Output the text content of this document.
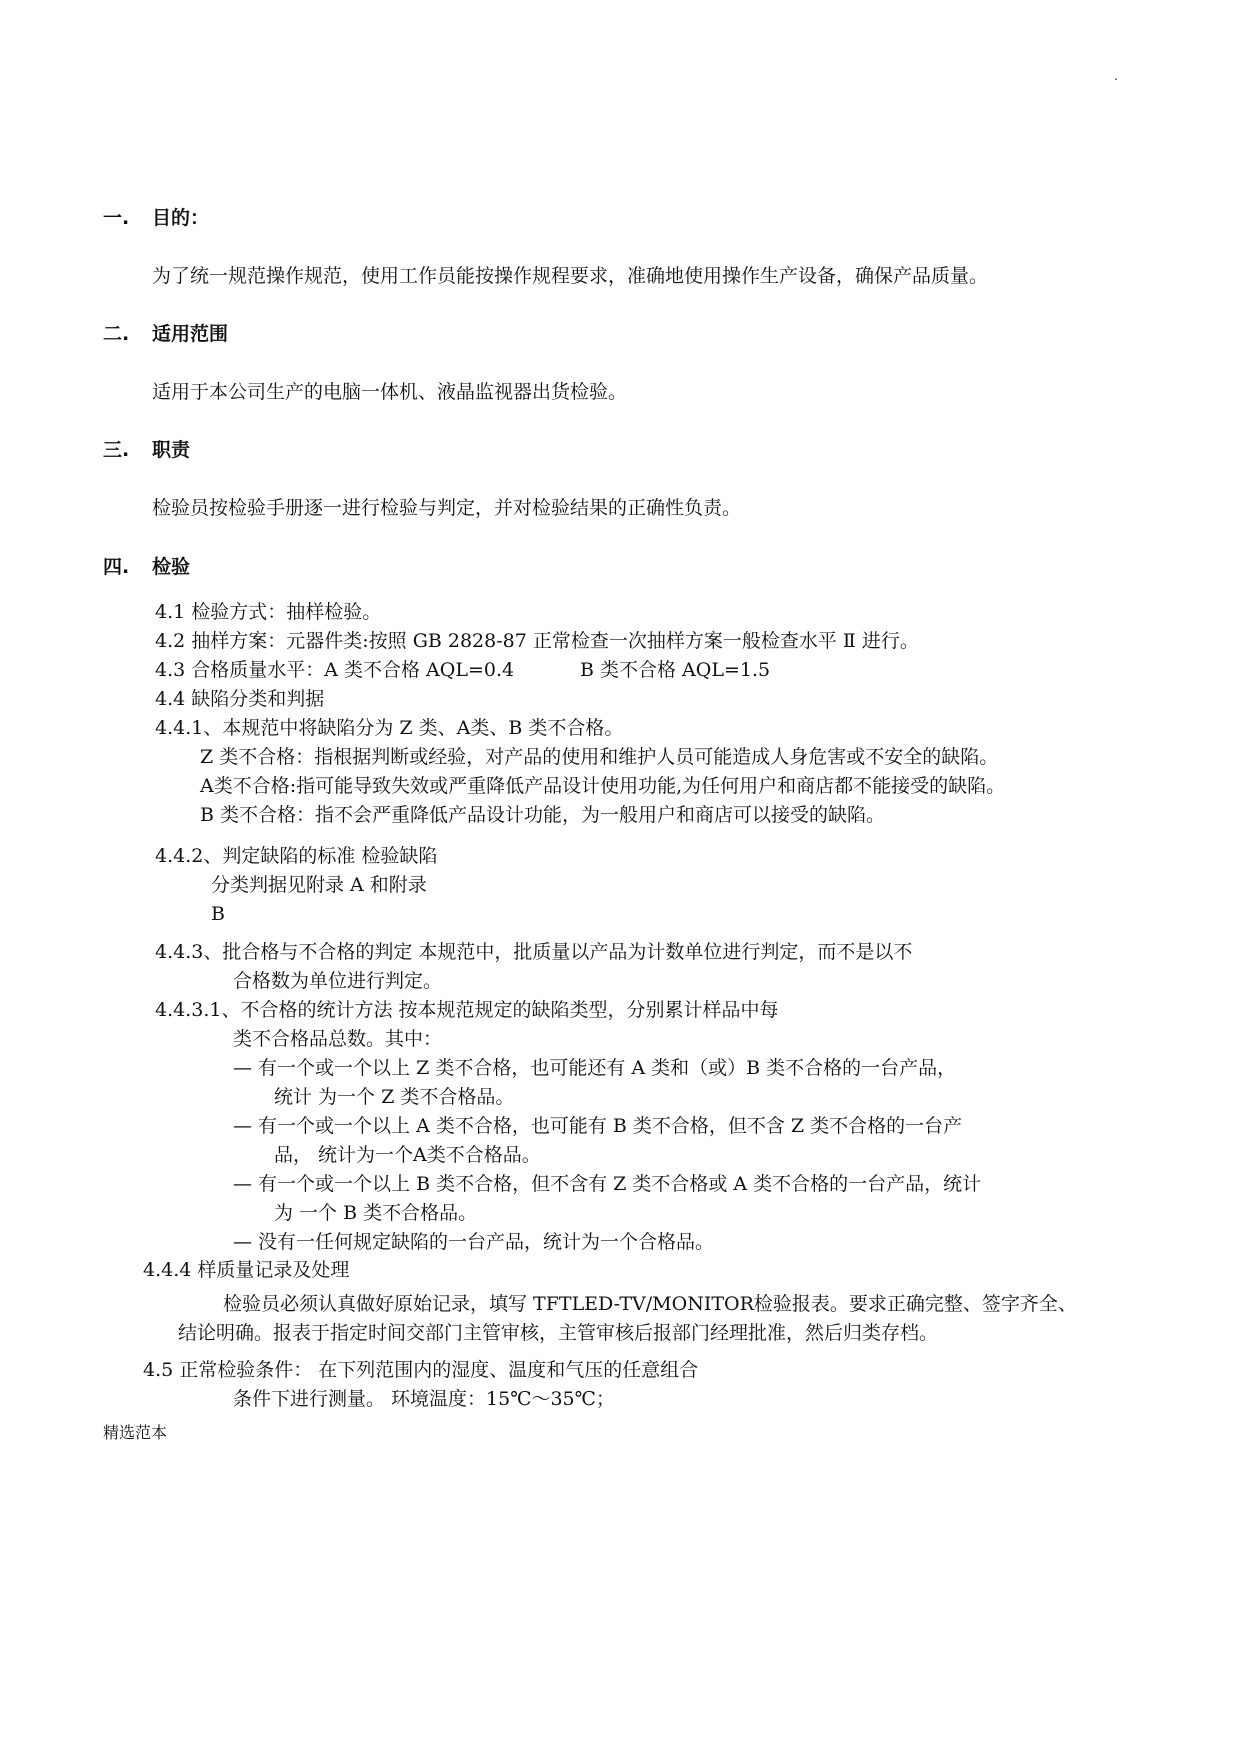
.
一. 目的：
为了统一规范操作规范，使用工作员能按操作规程要求，准确地使用操作生产设备，确保产品质量。
二. 适用范围
适用于本公司生产的电脑一体机、液晶监视器出货检验。
三. 职责
检验员按检验手册逐一进行检验与判定，并对检验结果的正确性负责。
四. 检验
4.1 检验方式：抽样检验。
4.2 抽样方案：元器件类:按照 GB 2828-87 正常检查一次抽样方案一般检查水平 Ⅱ 进行。
4.3 合格质量水平：A 类不合格 AQL=0.4	B 类不合格 AQL=1.5
4.4 缺陷分类和判据
4.4.1、本规范中将缺陷分为 Z 类、A类、B 类不合格。
Z 类不合格：指根据判断或经验，对产品的使用和维护人员可能造成人身危害或不安全的缺陷。
A类不合格:指可能导致失效或严重降低产品设计使用功能,为任何用户和商店都不能接受的缺陷。
B 类不合格：指不会严重降低产品设计功能，为一般用户和商店可以接受的缺陷。
4.4.2、判定缺陷的标准 检验缺陷
分类判据见附录 A 和附录
B
4.4.3、批合格与不合格的判定 本规范中，批质量以产品为计数单位进行判定，而不是以不
合格数为单位进行判定。
4.4.3.1、不合格的统计方法 按本规范规定的缺陷类型，分别累计样品中每
类不合格品总数。其中：
— 有一个或一个以上 Z 类不合格，也可能还有 A 类和（或）B 类不合格的一台产品，
统计 为一个 Z 类不合格品。
— 有一个或一个以上 A 类不合格，也可能有 B 类不合格，但不含 Z 类不合格的一台产
品， 统计为一个A类不合格品。
— 有一个或一个以上 B 类不合格，但不含有 Z 类不合格或 A 类不合格的一台产品，统计
为 一个 B 类不合格品。
— 没有一任何规定缺陷的一台产品，统计为一个合格品。
4.4.4 样质量记录及处理
检验员必须认真做好原始记录，填写 TFTLED-TV/MONITOR检验报表。要求正确完整、签字齐全、
结论明确。报表于指定时间交部门主管审核，主管审核后报部门经理批准，然后归类存档。
4.5 正常检验条件： 在下列范围内的湿度、温度和气压的任意组合
条件下进行测量。 环境温度：15℃～35℃；
精选范本
